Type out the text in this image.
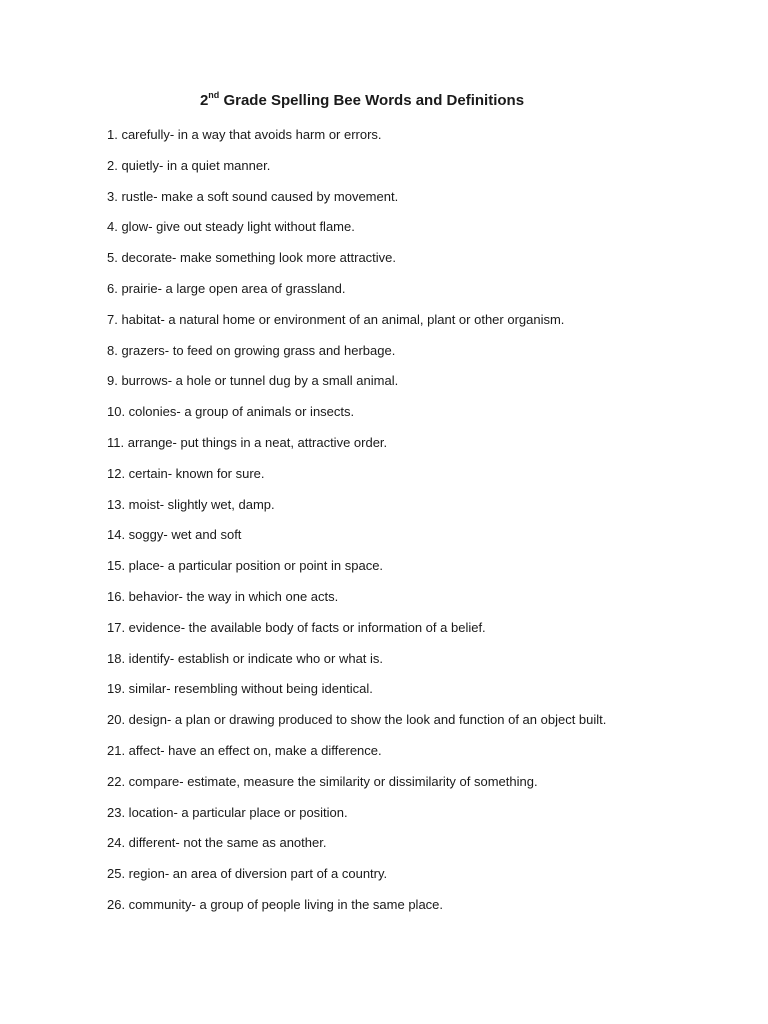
2nd Grade Spelling Bee Words and Definitions
1. carefully- in a way that avoids harm or errors.
2. quietly- in a quiet manner.
3. rustle- make a soft sound caused by movement.
4. glow- give out steady light without flame.
5. decorate- make something look more attractive.
6. prairie- a large open area of grassland.
7. habitat- a natural home or environment of an animal, plant or other organism.
8. grazers- to feed on growing grass and herbage.
9. burrows- a hole or tunnel dug by a small animal.
10. colonies- a group of animals or insects.
11. arrange- put things in a neat, attractive order.
12. certain- known for sure.
13. moist- slightly wet, damp.
14. soggy- wet and soft
15. place- a particular position or point in space.
16. behavior- the way in which one acts.
17. evidence- the available body of facts or information of a belief.
18. identify- establish or indicate who or what is.
19. similar- resembling without being identical.
20. design- a plan or drawing produced to show the look and function of an object built.
21. affect- have an effect on, make a difference.
22. compare- estimate, measure the similarity or dissimilarity of something.
23. location- a particular place or position.
24. different- not the same as another.
25. region- an area of diversion part of a country.
26. community- a group of people living in the same place.
